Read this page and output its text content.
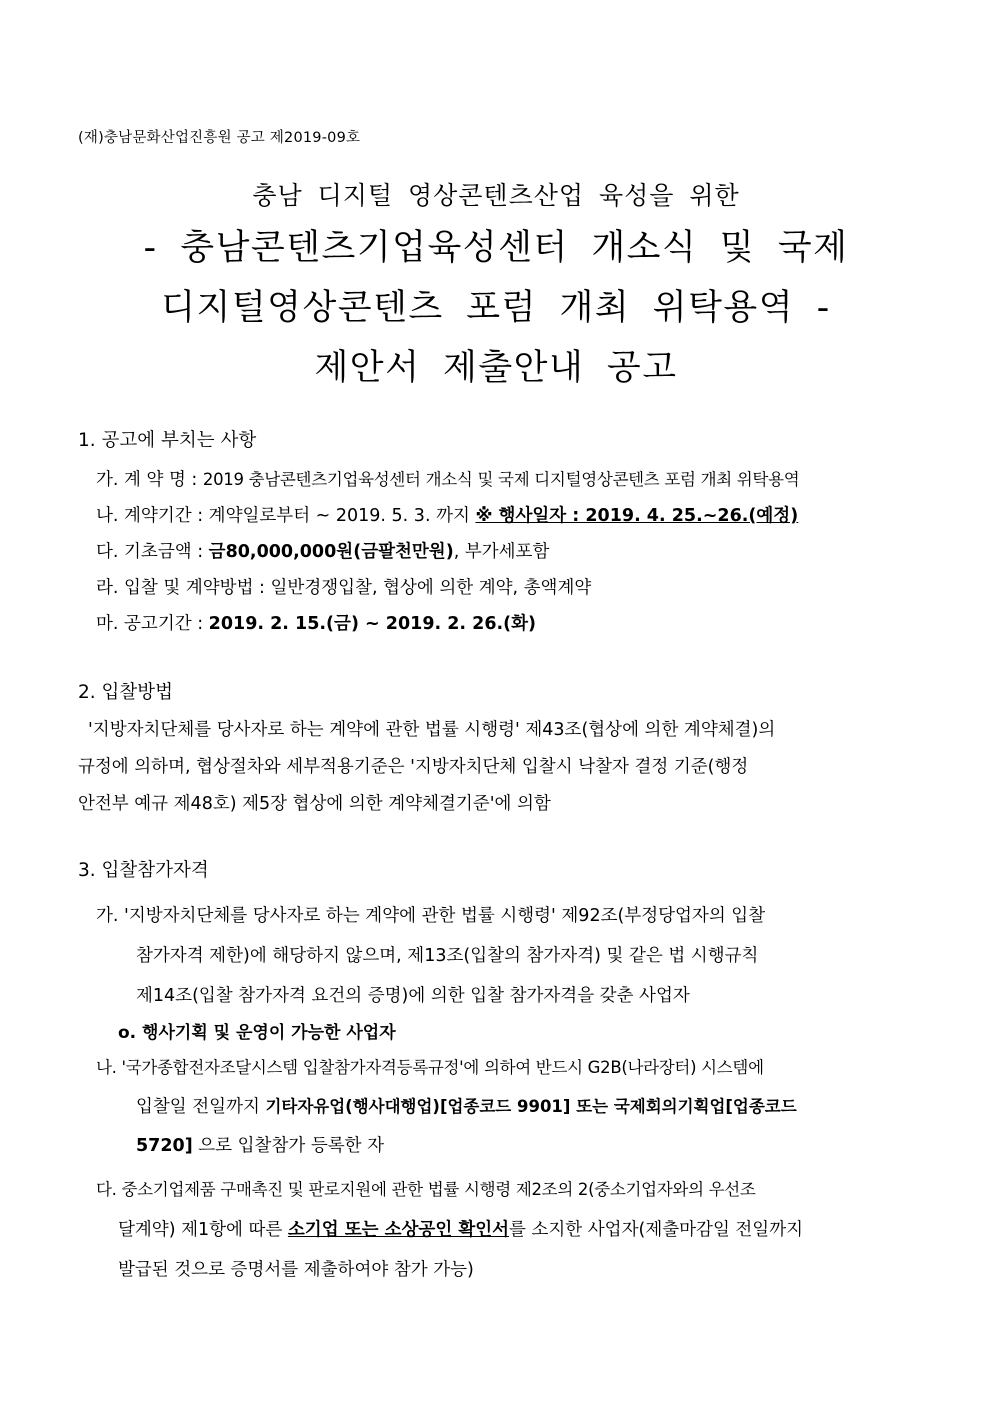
(재)충남문화산업진흥원 공고 제2019-09호
충남 디지털 영상콘텐츠산업 육성을 위한
- 충남콘텐츠기업육성센터 개소식 및 국제
디지털영상콘텐츠 포럼 개최 위탁용역 -
제안서 제출안내 공고
1. 공고에 부치는 사항
가. 계 약 명 : 2019 충남콘텐츠기업육성센터 개소식 및 국제 디지털영상콘텐츠 포럼 개최 위탁용역
나. 계약기간 : 계약일로부터 ~ 2019. 5. 3. 까지 ※ 행사일자 : 2019. 4. 25.~26.(예정)
다. 기초금액 : 금80,000,000원(금팔천만원), 부가세포함
라. 입찰 및 계약방법 : 일반경쟁입찰, 협상에 의한 계약, 총액계약
마. 공고기간 : 2019. 2. 15.(금) ~ 2019. 2. 26.(화)
2. 입찰방법
'지방자치단체를 당사자로 하는 계약에 관한 법률 시행령' 제43조(협상에 의한 계약체결)의
규정에 의하며, 협상절차와 세부적용기준은 '지방자치단체 입찰시 낙찰자 결정 기준(행정
안전부 예규 제48호) 제5장 협상에 의한 계약체결기준'에 의함
3. 입찰참가자격
가. '지방자치단체를 당사자로 하는 계약에 관한 법률 시행령' 제92조(부정당업자의 입찰
참가자격 제한)에 해당하지 않으며, 제13조(입찰의 참가자격) 및 같은 법 시행규칙
제14조(입찰 참가자격 요건의 증명)에 의한 입찰 참가자격을 갖춘 사업자
o. 행사기획 및 운영이 가능한 사업자
나. '국가종합전자조달시스템 입찰참가자격등록규정'에 의하여 반드시 G2B(나라장터) 시스템에
입찰일 전일까지 기타자유업(행사대행업)[업종코드 9901] 또는 국제회의기획업[업종코드
5720] 으로 입찰참가 등록한 자
다. 중소기업제품 구매촉진 및 판로지원에 관한 법률 시행령 제2조의 2(중소기업자와의 우선조
달계약) 제1항에 따른 소기업 또는 소상공인 확인서를 소지한 사업자(제출마감일 전일까지
발급된 것으로 증명서를 제출하여야 참가 가능)
